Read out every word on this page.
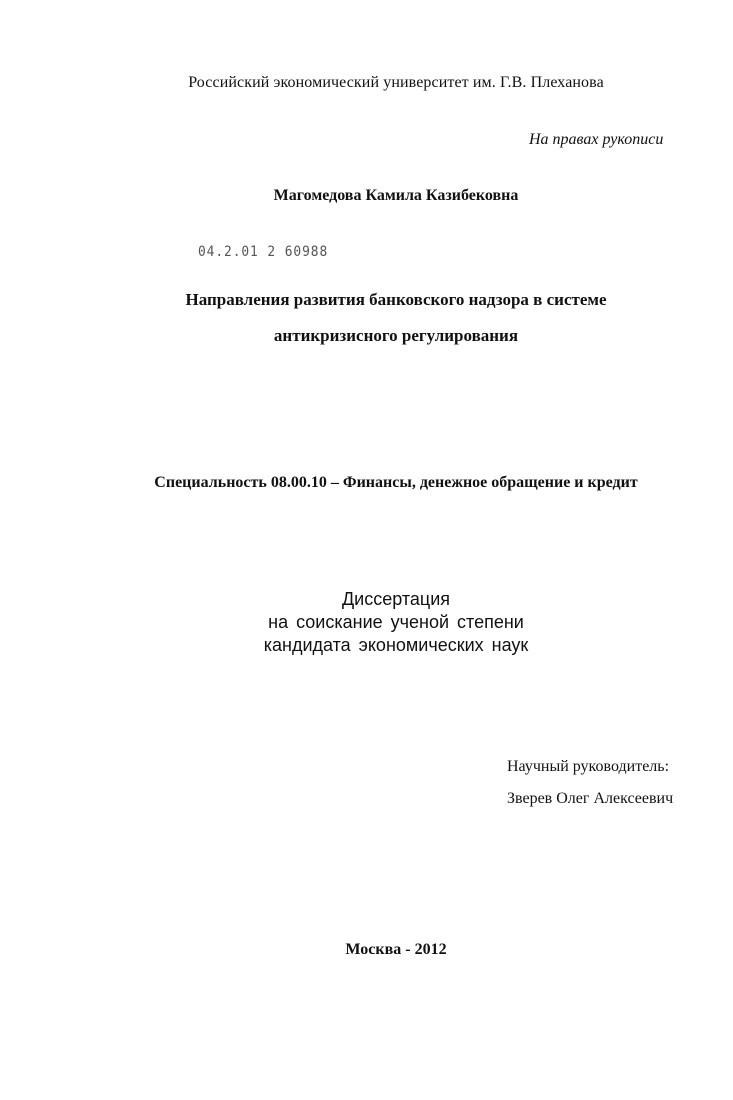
Российский экономический университет им. Г.В. Плеханова
На правах рукописи
Магомедова Камила Казибековна
04.2.01 2 60988
Направления развития банковского надзора в системе
антикризисного регулирования
Специальность 08.00.10 – Финансы, денежное обращение и кредит
Диссертация
на соискание ученой степени
кандидата экономических наук
Научный руководитель:
Зверев Олег Алексеевич
Москва - 2012
